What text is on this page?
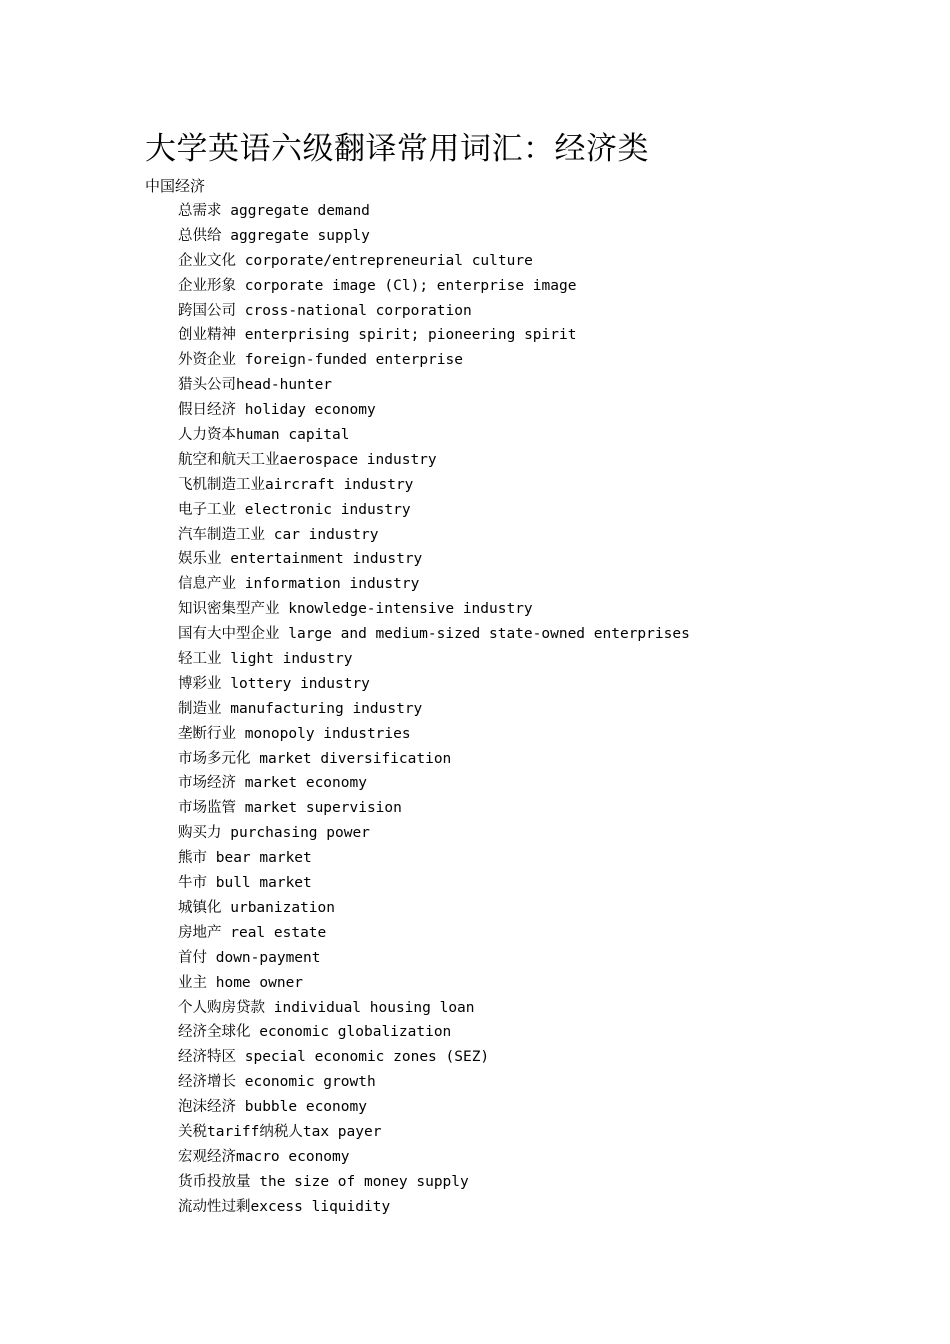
大学英语六级翻译常用词汇：经济类
中国经济
总需求 aggregate demand
总供给 aggregate supply
企业文化 corporate/entrepreneurial culture
企业形象 corporate image (Cl); enterprise image
跨国公司 cross-national corporation
创业精神 enterprising spirit; pioneering spirit
外资企业 foreign-funded enterprise
猎头公司head-hunter
假日经济 holiday economy
人力资本human capital
航空和航天工业aerospace industry
飞机制造工业aircraft industry
电子工业 electronic industry
汽车制造工业 car industry
娱乐业 entertainment industry
信息产业 information industry
知识密集型产业 knowledge-intensive industry
国有大中型企业 large and medium-sized state-owned enterprises
轻工业 light industry
博彩业 lottery industry
制造业 manufacturing industry
垄断行业 monopoly industries
市场多元化 market diversification
市场经济 market economy
市场监管 market supervision
购买力 purchasing power
熊市 bear market
牛市 bull market
城镇化 urbanization
房地产 real estate
首付 down-payment
业主 home owner
个人购房贷款 individual housing loan
经济全球化 economic globalization
经济特区 special economic zones (SEZ)
经济增长 economic growth
泡沫经济 bubble economy
关税tariff纳税人tax payer
宏观经济macro economy
货币投放量 the size of money supply
流动性过剩excess liquidity
